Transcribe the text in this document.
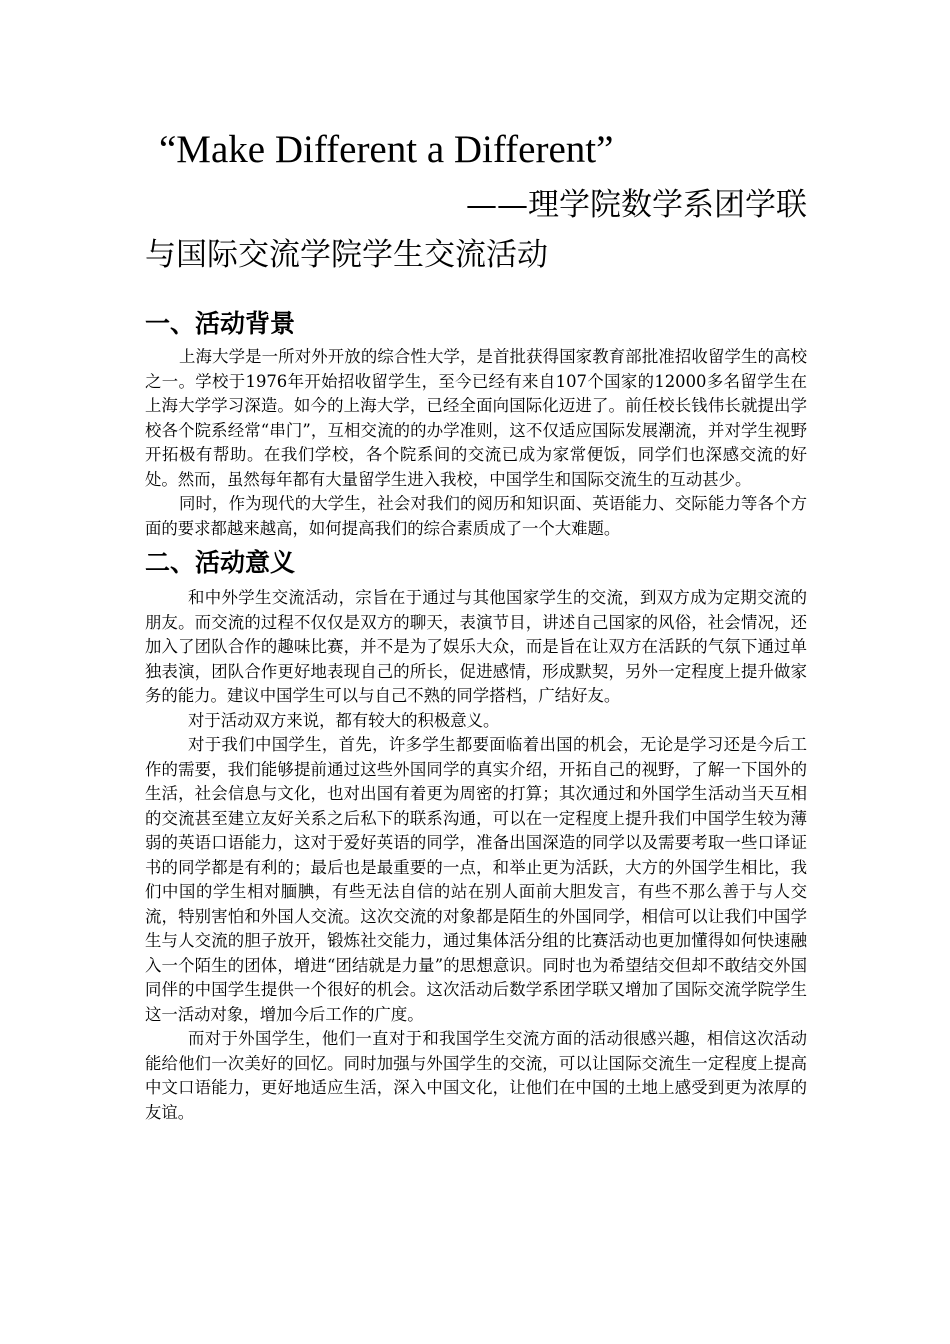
“Make Different a Different”
——理学院数学系团学联
与国际交流学院学生交流活动
一、活动背景

上海大学是一所对外开放的综合性大学，是首批获得国家教育部批准招收留学生的高校之一。学校于1976年开始招收留学生，至今已经有来自107个国家的12000多名留学生在上海大学学习深造。如今的上海大学，已经全面向国际化迈进了。前任校长钱伟长就提出学校各个院系经常“串门”，互相交流的的办学准则，这不仅适应国际发展潮流，并对学生视野开拓极有帮助。在我们学校，各个院系间的交流已成为家常便饭，同学们也深感交流的好处。然而，虽然每年都有大量留学生进入我校，中国学生和国际交流生的互动甚少。

同时，作为现代的大学生，社会对我们的阅历和知识面、英语能力、交际能力等各个方面的要求都越来越高，如何提高我们的综合素质成了一个大难题。

二、活动意义

和中外学生交流活动，宗旨在于通过与其他国家学生的交流，到双方成为定期交流的朋友。而交流的过程不仅仅是双方的聊天，表演节目，讲述自己国家的风俗，社会情况，还加入了团队合作的趣味比赛，并不是为了娱乐大众，而是旨在让双方在活跃的气氛下通过单独表演，团队合作更好地表现自己的所长，促进感情，形成默契，另外一定程度上提升做家务的能力。建议中国学生可以与自己不熟的同学搭档，广结好友。

对于活动双方来说，都有较大的积极意义。

对于我们中国学生，首先，许多学生都要面临着出国的机会，无论是学习还是今后工作的需要，我们能够提前通过这些外国同学的真实介绍，开拓自己的视野，了解一下国外的生活，社会信息与文化，也对出国有着更为周密的打算；其次通过和外国学生活动当天互相的交流甚至建立友好关系之后私下的联系沟通，可以在一定程度上提升我们中国学生较为薄弱的英语口语能力，这对于爱好英语的同学，准备出国深造的同学以及需要考取一些口译证书的同学都是有利的；最后也是最重要的一点，和举止更为活跃，大方的外国学生相比，我们中国的学生相对腼腆，有些无法自信的站在别人面前大胆发言，有些不那么善于与人交流，特别害怕和外国人交流。这次交流的对象都是陌生的外国同学，相信可以让我们中国学生与人交流的胆子放开，锻炼社交能力，通过集体活分组的比赛活动也更加懂得如何快速融入一个陌生的团体，增进“团结就是力量”的思想意识。同时也为希望结交但却不敢结交外国同伴的中国学生提供一个很好的机会。这次活动后数学系团学联又增加了国际交流学院学生这一活动对象，增加今后工作的广度。

而对于外国学生，他们一直对于和我国学生交流方面的活动很感兴趣，相信这次活动能给他们一次美好的回忆。同时加强与外国学生的交流，可以让国际交流生一定程度上提高中文口语能力，更好地适应生活，深入中国文化，让他们在中国的土地上感受到更为浓厚的友谊。
